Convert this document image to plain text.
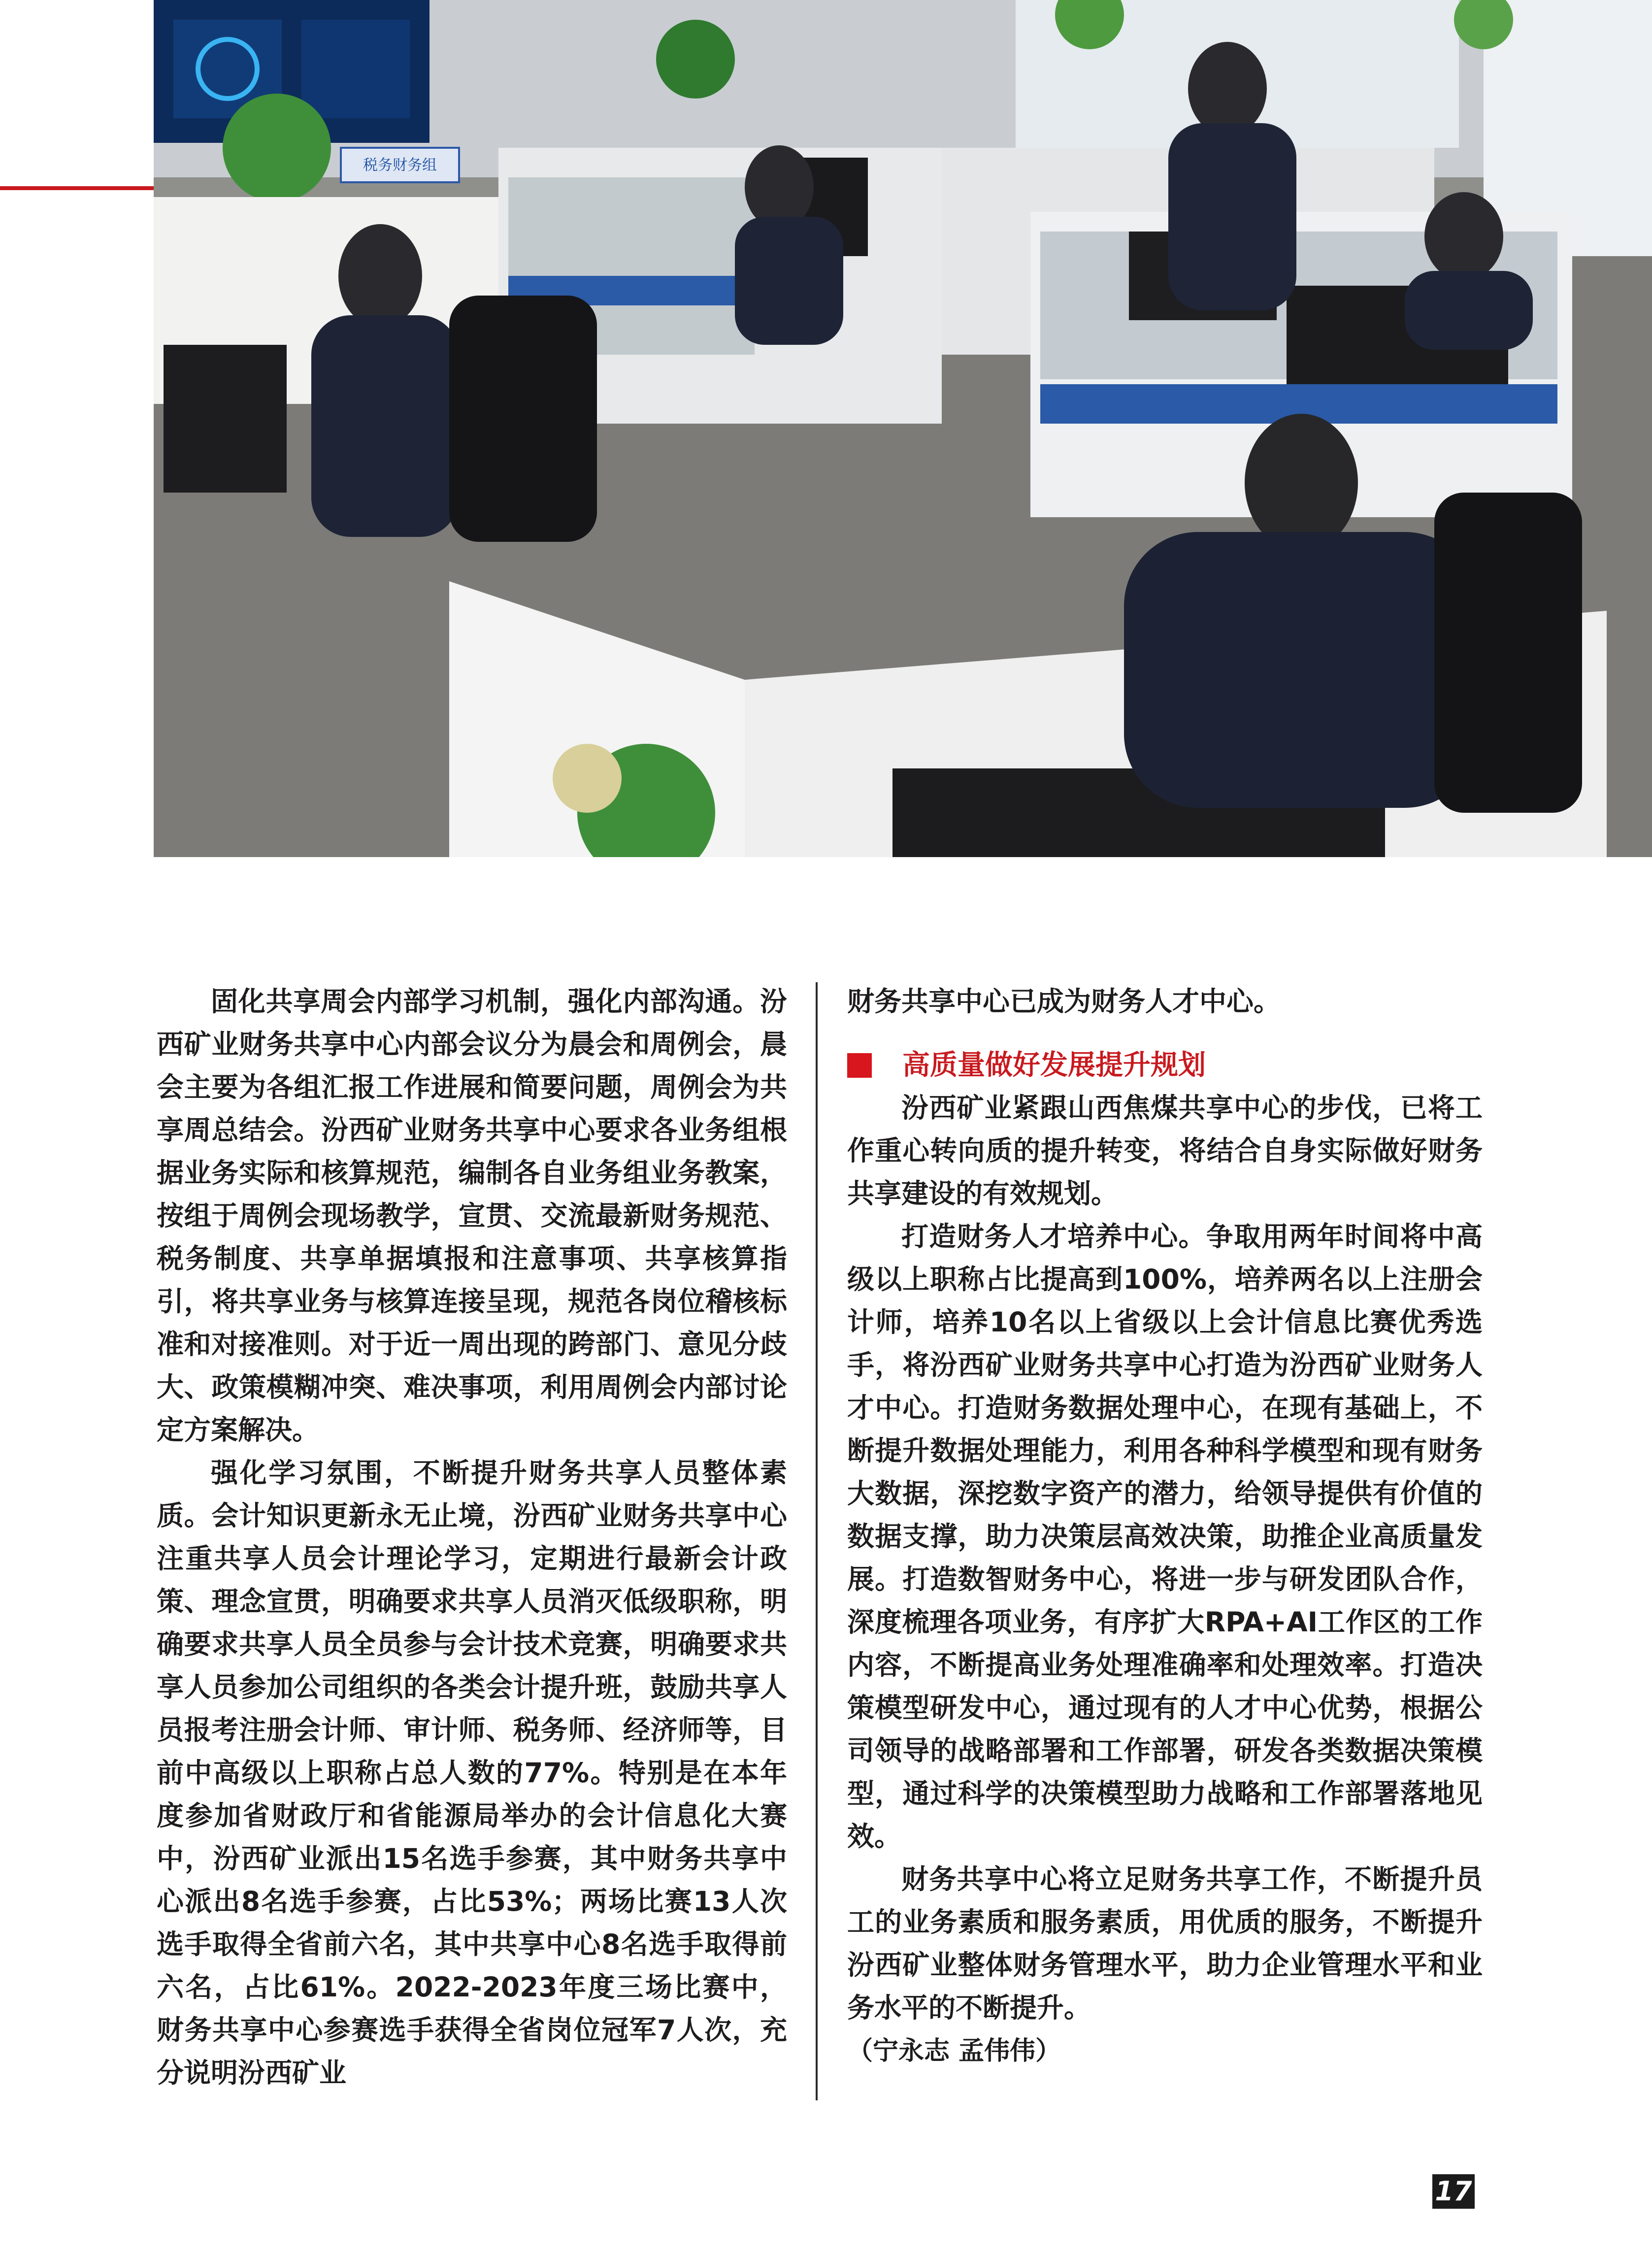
税务财务组

固化共享周会内部学习机制，强化内部沟通。汾西矿业财务共享中心内部会议分为晨会和周例会，晨会主要为各组汇报工作进展和简要问题，周例会为共享周总结会。汾西矿业财务共享中心要求各业务组根据业务实际和核算规范，编制各自业务组业务教案，按组于周例会现场教学，宣贯、交流最新财务规范、税务制度、共享单据填报和注意事项、共享核算指引，将共享业务与核算连接呈现，规范各岗位稽核标准和对接准则。对于近一周出现的跨部门、意见分歧大、政策模糊冲突、难决事项，利用周例会内部讨论定方案解决。

强化学习氛围，不断提升财务共享人员整体素质。会计知识更新永无止境，汾西矿业财务共享中心注重共享人员会计理论学习，定期进行最新会计政策、理念宣贯，明确要求共享人员消灭低级职称，明确要求共享人员全员参与会计技术竞赛，明确要求共享人员参加公司组织的各类会计提升班，鼓励共享人员报考注册会计师、审计师、税务师、经济师等，目前中高级以上职称占总人数的77%。特别是在本年度参加省财政厅和省能源局举办的会计信息化大赛中，汾西矿业派出15名选手参赛，其中财务共享中心派出8名选手参赛，占比53%；两场比赛13人次选手取得全省前六名，其中共享中心8名选手取得前六名，占比61%。2022-2023年度三场比赛中，财务共享中心参赛选手获得全省岗位冠军7人次，充分说明汾西矿业

财务共享中心已成为财务人才中心。

高质量做好发展提升规划

汾西矿业紧跟山西焦煤共享中心的步伐，已将工作重心转向质的提升转变，将结合自身实际做好财务共享建设的有效规划。

打造财务人才培养中心。争取用两年时间将中高级以上职称占比提高到100%，培养两名以上注册会计师，培养10名以上省级以上会计信息比赛优秀选手，将汾西矿业财务共享中心打造为汾西矿业财务人才中心。打造财务数据处理中心，在现有基础上，不断提升数据处理能力，利用各种科学模型和现有财务大数据，深挖数字资产的潜力，给领导提供有价值的数据支撑，助力决策层高效决策，助推企业高质量发展。打造数智财务中心，将进一步与研发团队合作，深度梳理各项业务，有序扩大RPA+AI工作区的工作内容，不断提高业务处理准确率和处理效率。打造决策模型研发中心，通过现有的人才中心优势，根据公司领导的战略部署和工作部署，研发各类数据决策模型，通过科学的决策模型助力战略和工作部署落地见效。

财务共享中心将立足财务共享工作，不断提升员工的业务素质和服务素质，用优质的服务，不断提升汾西矿业整体财务管理水平，助力企业管理水平和业务水平的不断提升。

（宁永志 孟伟伟）

17
